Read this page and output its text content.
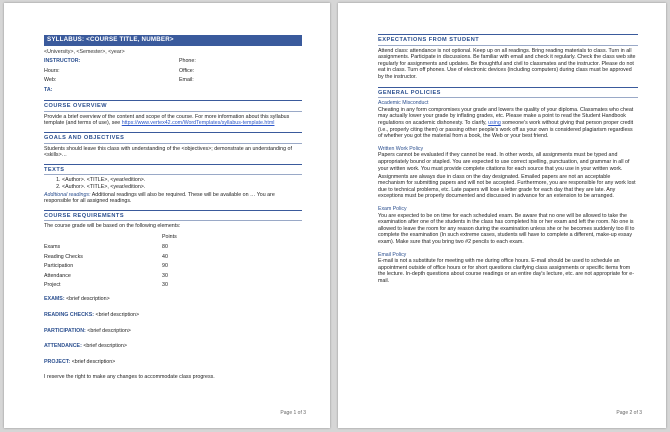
SYLLABUS: <COURSE TITLE, NUMBER>
<University>, <Semester>, <year>
INSTRUCTOR:	Phone:
Hours:	Office:
Web:	Email:
TA:	
COURSE OVERVIEW

Provide a brief overview of the content and scope of the course. For more information about this syllabus template (and terms of use), see https://www.vertex42.com/WordTemplates/syllabus-template.html

GOALS AND OBJECTIVES

Students should leave this class with understanding of the <objectives>; demonstrate an understanding of <skills>…

TEXTS
1. <Author>. <TITLE>, <year/edition>.
2. <Author>. <TITLE>, <year/edition>.

Additional readings: Additional readings will also be required. These will be available on … You are responsible for all assigned readings.

COURSE REQUIREMENTS

The course grade will be based on the following elements:

	Points
Exams	80
Reading Checks	40
Participation	90
Attendance	30
Project	30
EXAMS: <brief description>
READING CHECKS: <brief description>
PARTICIPATION: <brief description>
ATTENDANCE: <brief description>
PROJECT: <brief description>
I reserve the right to make any changes to accommodate class progress.
Page 1 of 3
EXPECTATIONS FROM STUDENT

Attend class: attendance is not optional. Keep up on all readings. Bring reading materials to class. Turn in all assignments. Participate in discussions. Be familiar with email and check it regularly. Check the class web site regularly for assignments and updates. Be thoughtful and civil to classmates and the instructor. Please do not eat in class. Turn off phones. Use of electronic devices (including computers) during class must be approved by the instructor.

GENERAL POLICIES
Academic Misconduct

Cheating in any form compromises your grade and lowers the quality of your diploma. Classmates who cheat may actually lower your grade by inflating grades, etc. Please make a point to read the Student Handbook regulations on academic dishonesty. To clarify, using someone's work without giving that person proper credit (i.e., properly citing them) or passing other people's work off as your own is considered plagiarism regardless of whether you got the material from a book, the Web or your best friend.

Written Work Policy

Papers cannot be evaluated if they cannot be read. In other words, all assignments must be typed and appropriately bound or stapled. You are expected to use correct spelling, punctuation, and grammar in all of your written work. You must provide complete citations for each source that you use in your written work.

Assignments are always due in class on the day designated. Emailed papers are not an acceptable mechanism for submitting papers and will not be accepted. Furthermore, you are responsible for any work lost due to technical problems, etc. Late papers will lose a letter grade for each day that they are late. Any exceptions must be properly documented and discussed in advance for an extension to be arranged.

Exam Policy

You are expected to be on time for each scheduled exam. Be aware that no one will be allowed to take the examination after one of the students in the class has completed his or her exam and left the room. No one is allowed to leave the room for any reason during the examination unless she or he becomes suddenly too ill to complete the examination (In such extreme cases, students will have to complete a different, make-up essay exam). Make sure that you bring two #2 pencils to each exam.

Email Policy

E-mail is not a substitute for meeting with me during office hours. E-mail should be used to schedule an appointment outside of office hours or for short questions clarifying class assignments or specific items from the lecture. In-depth questions about course readings or an entire day's lecture, etc. are not appropriate for e-mail.

Page 2 of 3
